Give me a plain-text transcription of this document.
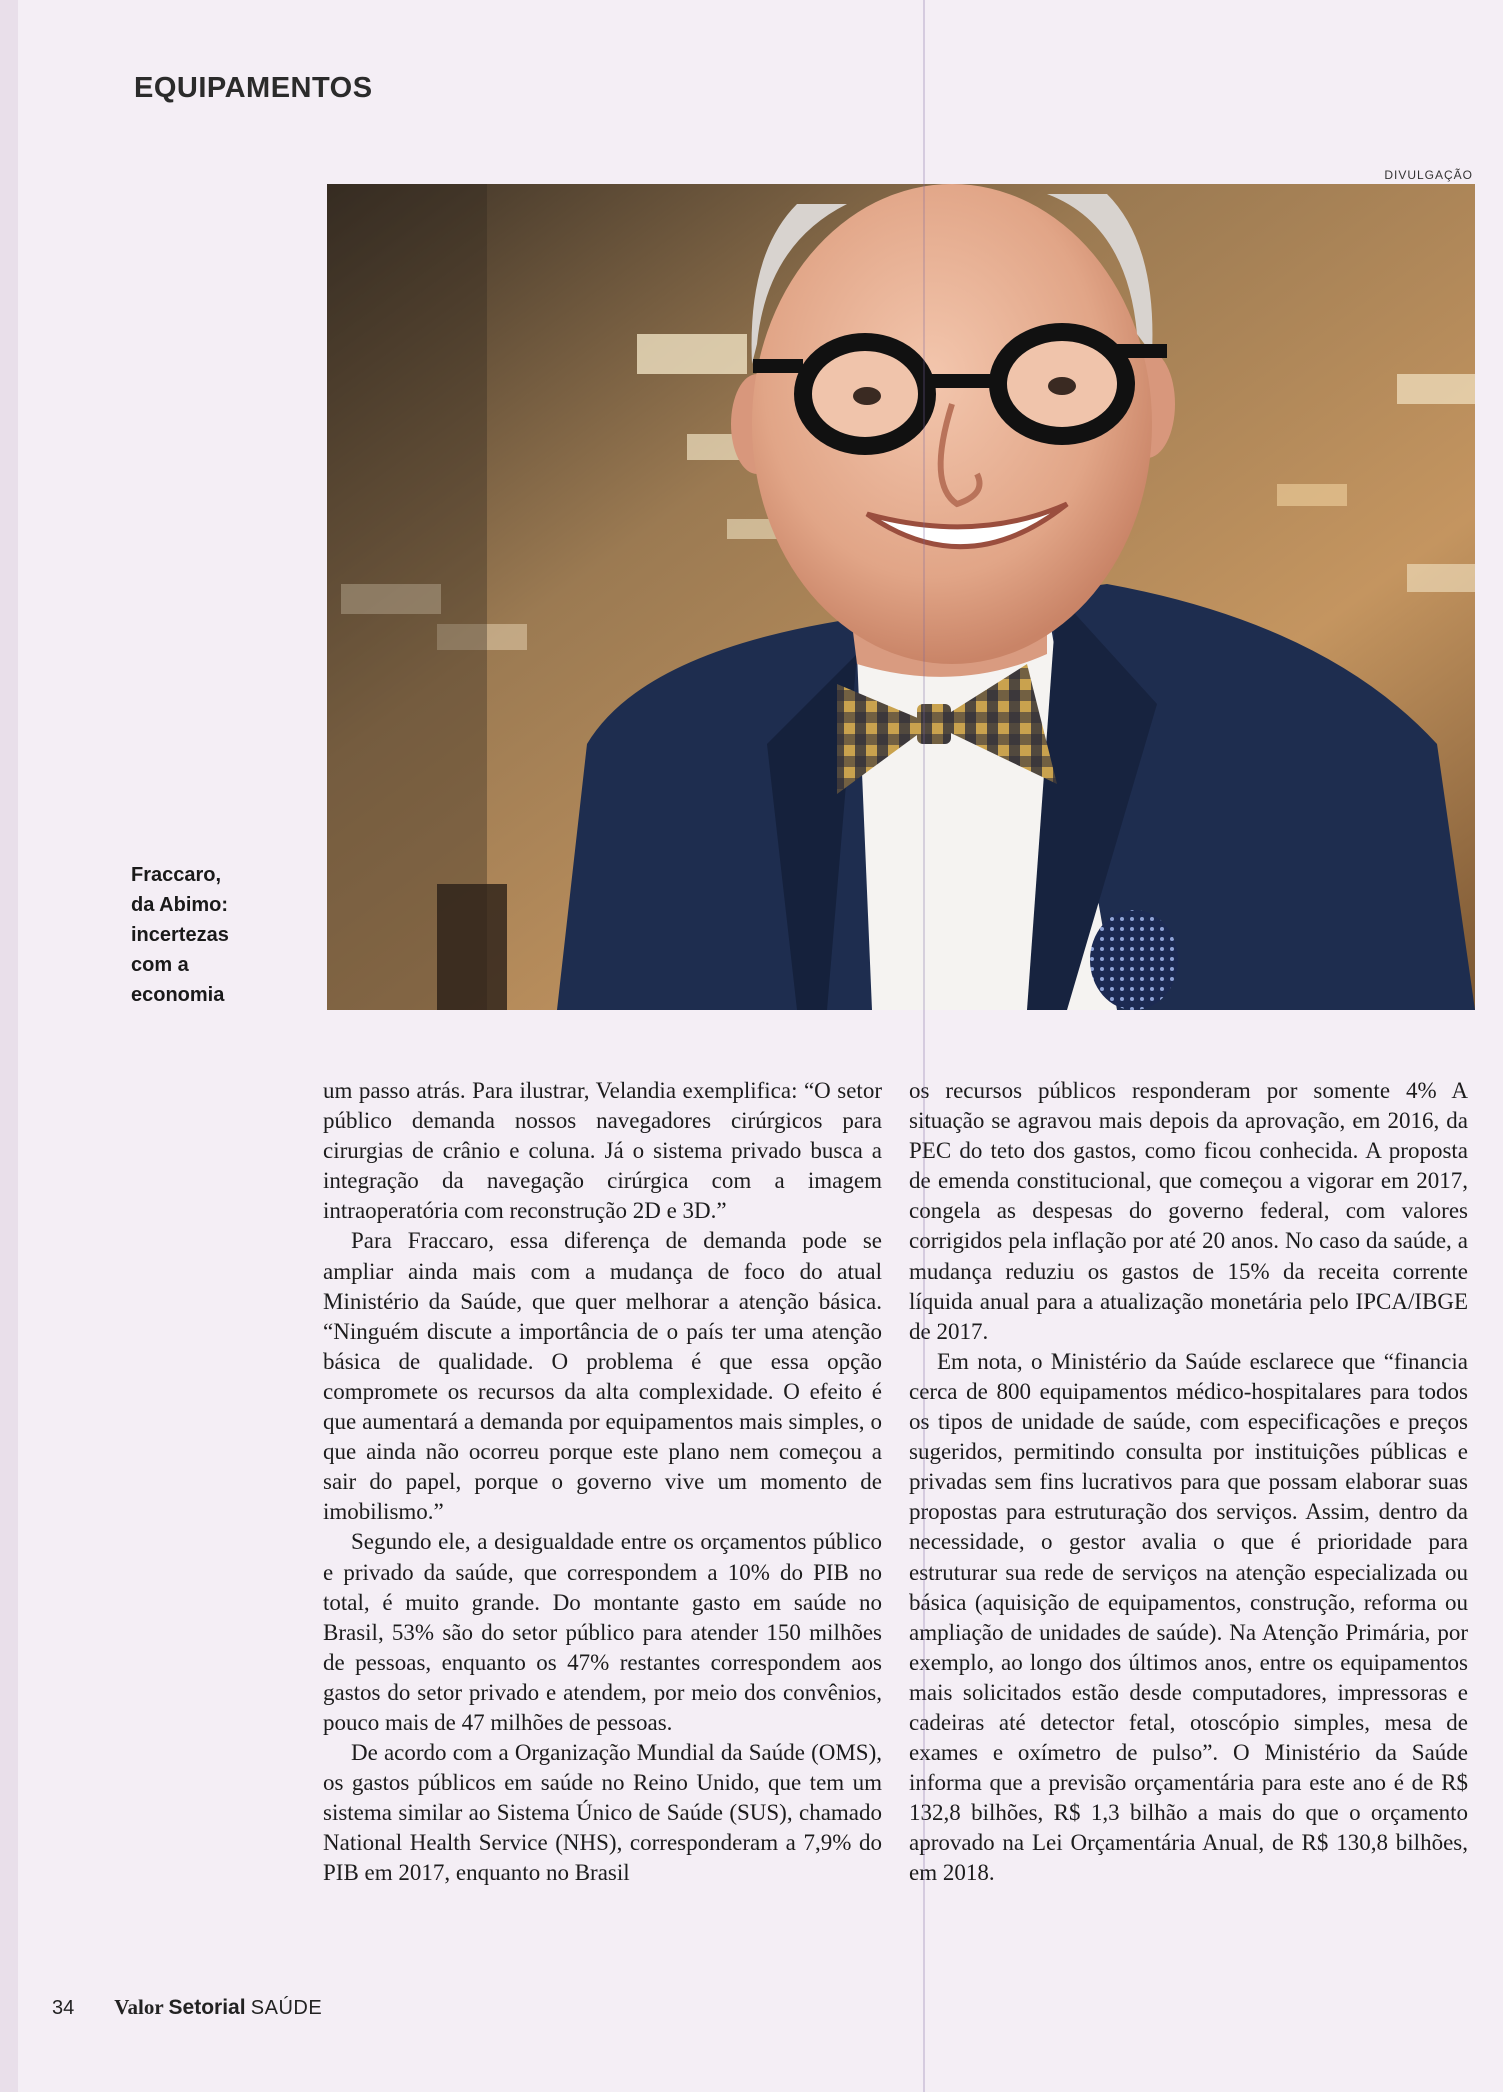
EQUIPAMENTOS
DIVULGAÇÃO
Fraccaro,
da Abimo:
incertezas
com a
economia

um passo atrás. Para ilustrar, Velandia exemplifica: “O setor público demanda nossos navegadores cirúrgicos para cirurgias de crânio e coluna. Já o sistema privado busca a integração da navegação cirúrgica com a imagem intraoperatória com reconstrução 2D e 3D.”

Para Fraccaro, essa diferença de demanda pode se ampliar ainda mais com a mudança de foco do atual Ministério da Saúde, que quer melhorar a atenção básica. “Ninguém discute a importância de o país ter uma atenção básica de qualidade. O problema é que essa opção compromete os recursos da alta complexidade. O efeito é que aumentará a demanda por equipamentos mais simples, o que ainda não ocorreu porque este plano nem começou a sair do papel, porque o governo vive um momento de imobilismo.”

Segundo ele, a desigualdade entre os orçamentos público e privado da saúde, que correspondem a 10% do PIB no total, é muito grande. Do montante gasto em saúde no Brasil, 53% são do setor público para atender 150 milhões de pessoas, enquanto os 47% restantes correspondem aos gastos do setor privado e atendem, por meio dos convênios, pouco mais de 47 milhões de pessoas.

De acordo com a Organização Mundial da Saúde (OMS), os gastos públicos em saúde no Reino Unido, que tem um sistema similar ao Sistema Único de Saúde (SUS), chamado National Health Service (NHS), corresponderam a 7,9% do PIB em 2017, enquanto no Brasil

os recursos públicos responderam por somente 4% A situação se agravou mais depois da aprovação, em 2016, da PEC do teto dos gastos, como ficou conhecida. A proposta de emenda constitucional, que começou a vigorar em 2017, congela as despesas do governo federal, com valores corrigidos pela inflação por até 20 anos. No caso da saúde, a mudança reduziu os gastos de 15% da receita corrente líquida anual para a atualização monetária pelo IPCA/IBGE de 2017.

Em nota, o Ministério da Saúde esclarece que “financia cerca de 800 equipamentos médico-hospitalares para todos os tipos de unidade de saúde, com especificações e preços sugeridos, permitindo consulta por instituições públicas e privadas sem fins lucrativos para que possam elaborar suas propostas para estruturação dos serviços. Assim, dentro da necessidade, o gestor avalia o que é prioridade para estruturar sua rede de serviços na atenção especializada ou básica (aquisição de equipamentos, construção, reforma ou ampliação de unidades de saúde). Na Atenção Primária, por exemplo, ao longo dos últimos anos, entre os equipamentos mais solicitados estão desde computadores, impressoras e cadeiras até detector fetal, otoscópio simples, mesa de exames e oxímetro de pulso”. O Ministério da Saúde informa que a previsão orçamentária para este ano é de R$ 132,8 bilhões, R$ 1,3 bilhão a mais do que o orçamento aprovado na Lei Orçamentária Anual, de R$ 130,8 bilhões, em 2018.

34 Valor Setorial SAÚDE
